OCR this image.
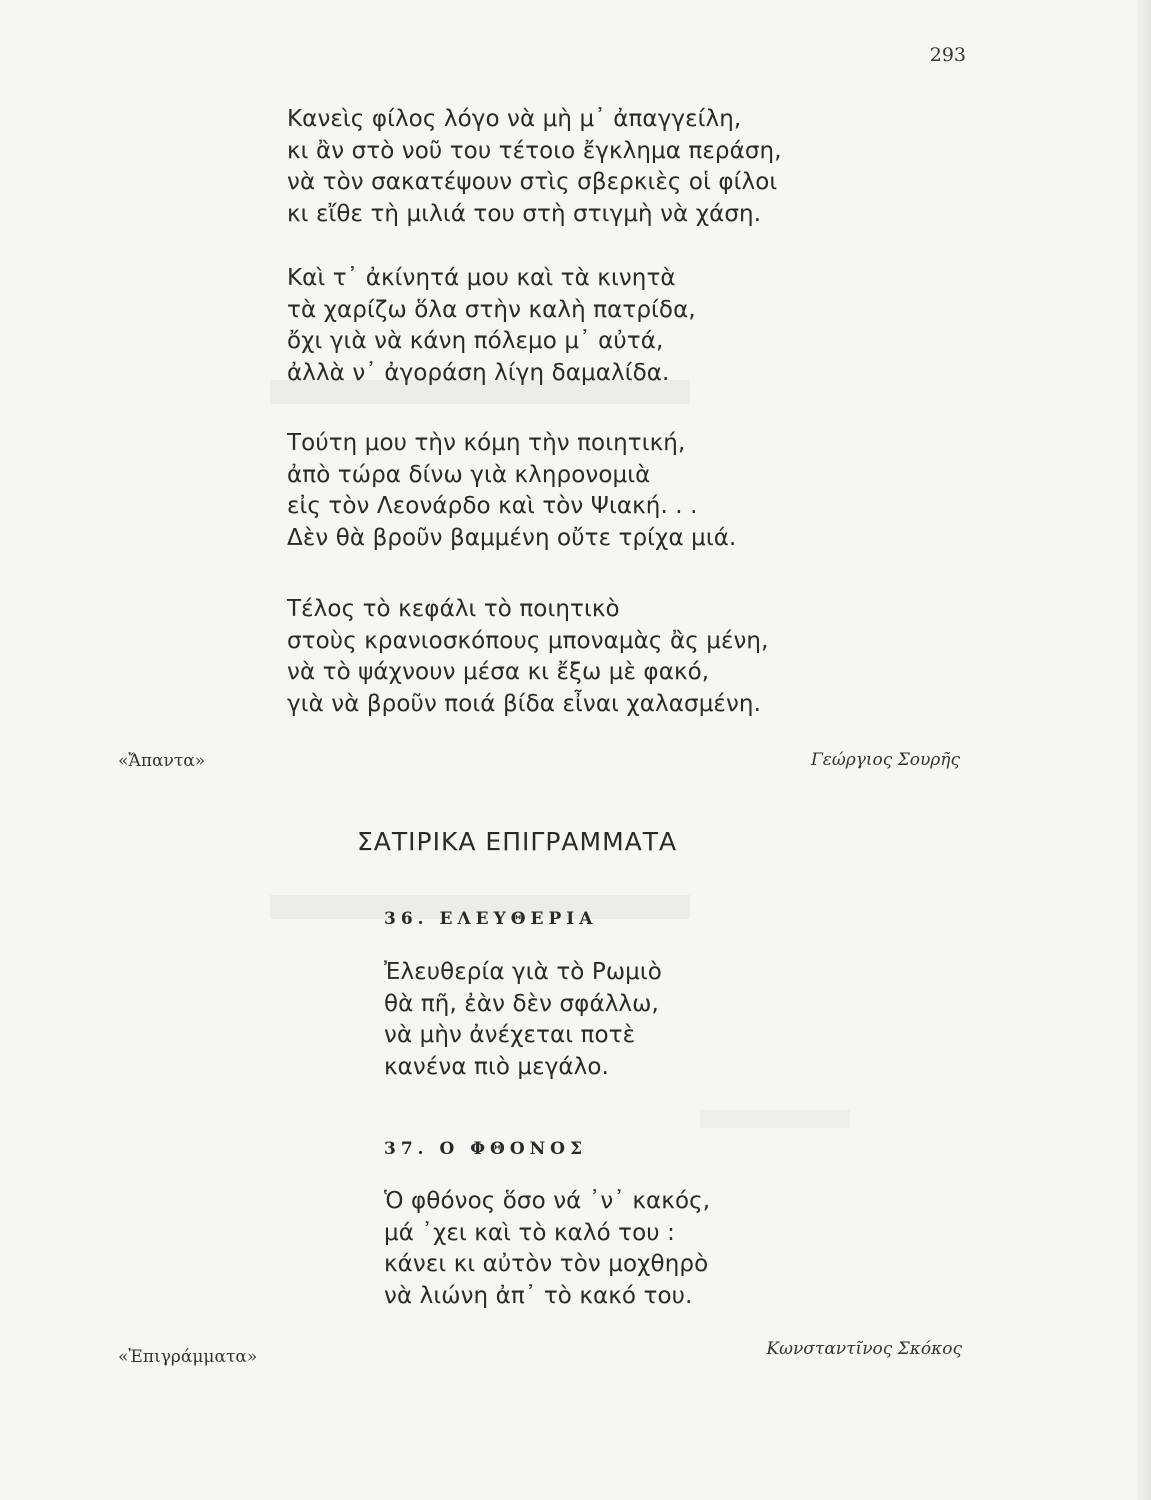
293
Κανεὶς φίλος λόγο νὰ μὴ μ᾽ ἀπαγγείλη,
κι ἂν στὸ νοῦ του τέτοιο ἔγκλημα περάση,
νὰ τὸν σακατέψουν στὶς σβερκιὲς οἱ φίλοι
κι εἴθε τὴ μιλιά του στὴ στιγμὴ νὰ χάση.
Καὶ τ᾽ ἀκίνητά μου καὶ τὰ κινητὰ
τὰ χαρίζω ὅλα στὴν καλὴ πατρίδα,
ὄχι γιὰ νὰ κάνη πόλεμο μ᾽ αὐτά,
ἀλλὰ ν᾽ ἀγοράση λίγη δαμαλίδα.
Τούτη μου τὴν κόμη τὴν ποιητική,
ἀπὸ τώρα δίνω γιὰ κληρονομιὰ
εἰς τὸν Λεονάρδο καὶ τὸν Ψιακή. . .
Δὲν θὰ βροῦν βαμμένη οὔτε τρίχα μιά.
Τέλος τὸ κεφάλι τὸ ποιητικὸ
στοὺς κρανιοσκόπους μποναμὰς ἂς μένη,
νὰ τὸ ψάχνουν μέσα κι ἔξω μὲ φακό,
γιὰ νὰ βροῦν ποιά βίδα εἶναι χαλασμένη.
«Ἄπαντα»	Γεώργιος Σουρῆς
ΣΑΤΙΡΙΚΑ ΕΠΙΓΡΑΜΜΑΤΑ
36. ΕΛΕΥΘΕΡΙΑ
Ἐλευθερία γιὰ τὸ Ρωμιὸ
θὰ πῆ, ἐὰν δὲν σφάλλω,
νὰ μὴν ἀνέχεται ποτὲ
κανένα πιὸ μεγάλο.
37. Ο ΦΘΟΝΟΣ
Ὁ φθόνος ὅσο νά ᾽ν᾽ κακός,
μά ᾽χει καὶ τὸ καλό του :
κάνει κι αὐτὸν τὸν μοχθηρὸ
νὰ λιώνη ἀπ᾽ τὸ κακό του.
«Ἐπιγράμματα»	Κωνσταντῖνος Σκόκος
